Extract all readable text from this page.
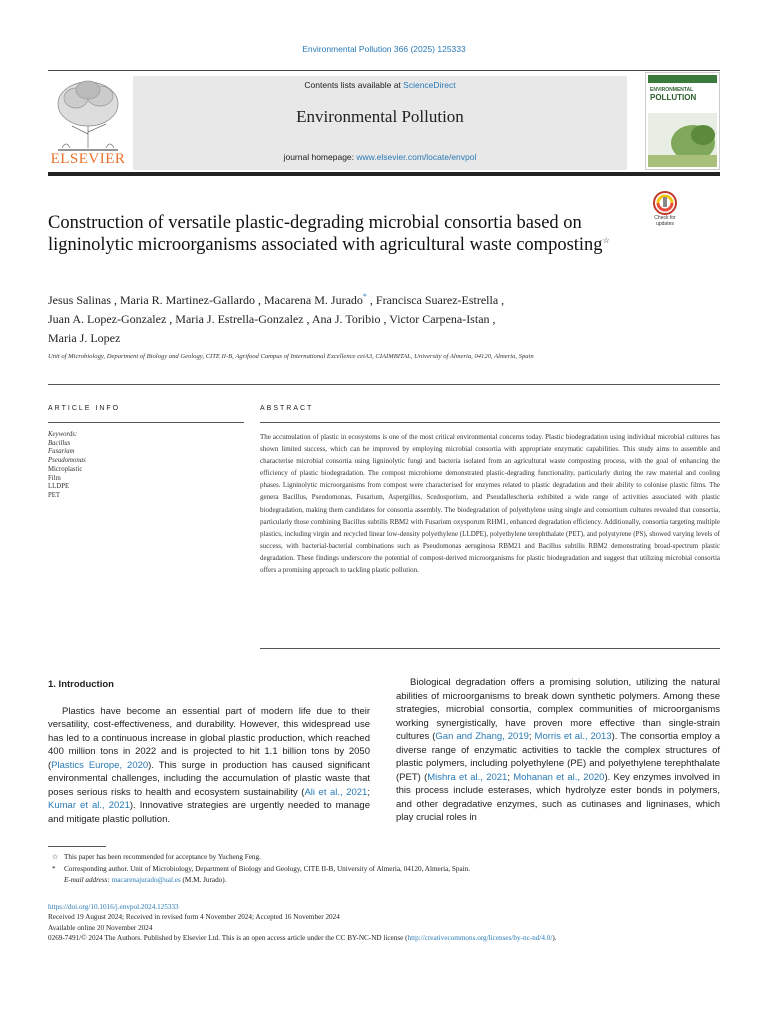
Environmental Pollution 366 (2025) 125333
ELSEVIER
Contents lists available at ScienceDirect
Environmental Pollution
journal homepage: www.elsevier.com/locate/envpol
ENVIRONMENTAL
POLLUTION
Construction of versatile plastic-degrading microbial consortia based on ligninolytic microorganisms associated with agricultural waste composting☆
Check for
updates
Jesus Salinas , Maria R. Martinez-Gallardo , Macarena M. Jurado* , Francisca Suarez-Estrella ,
Juan A. Lopez-Gonzalez , Maria J. Estrella-Gonzalez , Ana J. Toribio , Victor Carpena-Istan ,
Maria J. Lopez
Unit of Microbiology, Department of Biology and Geology, CITE II-B, Agrifood Campus of International Excellence ceiA3, CIAIMBITAL, University of Almeria, 04120, Almeria, Spain
ARTICLE INFO
Keywords:
Bacillus
Fusarium
Pseudomonas
Microplastic
Film
LLDPE
PET
ABSTRACT
The accumulation of plastic in ecosystems is one of the most critical environmental concerns today. Plastic biodegradation using individual microbial cultures has shown limited success, which can be improved by employing microbial consortia with appropriate enzymatic capabilities. This study aims to assemble and characterise microbial consortia using ligninolytic fungi and bacteria isolated from an agricultural waste composting process, with the goal of enhancing the efficiency of plastic biodegradation. The compost microbiome demonstrated plastic-degrading functionality, particularly during the raw material and cooling phases. Ligninolytic microorganisms from compost were characterised for enzymes related to plastic degradation and their ability to colonise plastic films. The genera Bacillus, Pseudomonas, Fusarium, Aspergillus, Scedosporium, and Pseudallescheria exhibited a wide range of activities associated with plastic biodegradation, making them candidates for consortia assembly. The biodegradation of polyethylene using single and consortium cultures revealed that consortia, particularly those combining Bacillus subtilis RBM2 with Fusarium oxysporum RHM1, enhanced degradation efficiency. Additionally, consortia targeting multiple plastics, including virgin and recycled linear low-density polyethylene (LLDPE), polyethylene terephthalate (PET), and polystyrene (PS), showed varying levels of success, with bacterial-bacterial combinations such as Pseudomonas aeruginosa RBM21 and Bacillus subtilis RBM2 demonstrating broad-spectrum plastic degradation. These findings underscore the potential of compost-derived microorganisms for plastic biodegradation and suggest that utilizing microbial consortia offers a promising approach to tackling plastic pollution.

1. Introduction

Plastics have become an essential part of modern life due to their versatility, cost-effectiveness, and durability. However, this widespread use has led to a continuous increase in global plastic production, which reached 400 million tons in 2022 and is projected to hit 1.1 billion tons by 2050 (Plastics Europe, 2020). This surge in production has caused significant environmental challenges, including the accumulation of plastic waste that poses serious risks to health and ecosystem sustainability (Ali et al., 2021; Kumar et al., 2021). Innovative strategies are urgently needed to manage and mitigate plastic pollution.

Biological degradation offers a promising solution, utilizing the natural abilities of microorganisms to break down synthetic polymers. Among these strategies, microbial consortia, complex communities of microorganisms working synergistically, have proven more effective than single-strain cultures (Gan and Zhang, 2019; Morris et al., 2013). The consortia employ a diverse range of enzymatic activities to tackle the complex structures of plastic polymers, including polyethylene (PE) and polyethylene terephthalate (PET) (Mishra et al., 2021; Mohanan et al., 2020). Key enzymes involved in this process include esterases, which hydrolyze ester bonds in polymers, and other degradative enzymes, such as cutinases and ligninases, which play crucial roles in

☆ This paper has been recommended for acceptance by Yucheng Feng.
* Corresponding author. Unit of Microbiology, Department of Biology and Geology, CITE II-B, University of Almeria, 04120, Almeria, Spain.
E-mail address: macarenajurado@ual.es (M.M. Jurado).
https://doi.org/10.1016/j.envpol.2024.125333
Received 19 August 2024; Received in revised form 4 November 2024; Accepted 16 November 2024
Available online 20 November 2024
0269-7491/© 2024 The Authors. Published by Elsevier Ltd. This is an open access article under the CC BY-NC-ND license (http://creativecommons.org/licenses/by-nc-nd/4.0/).
